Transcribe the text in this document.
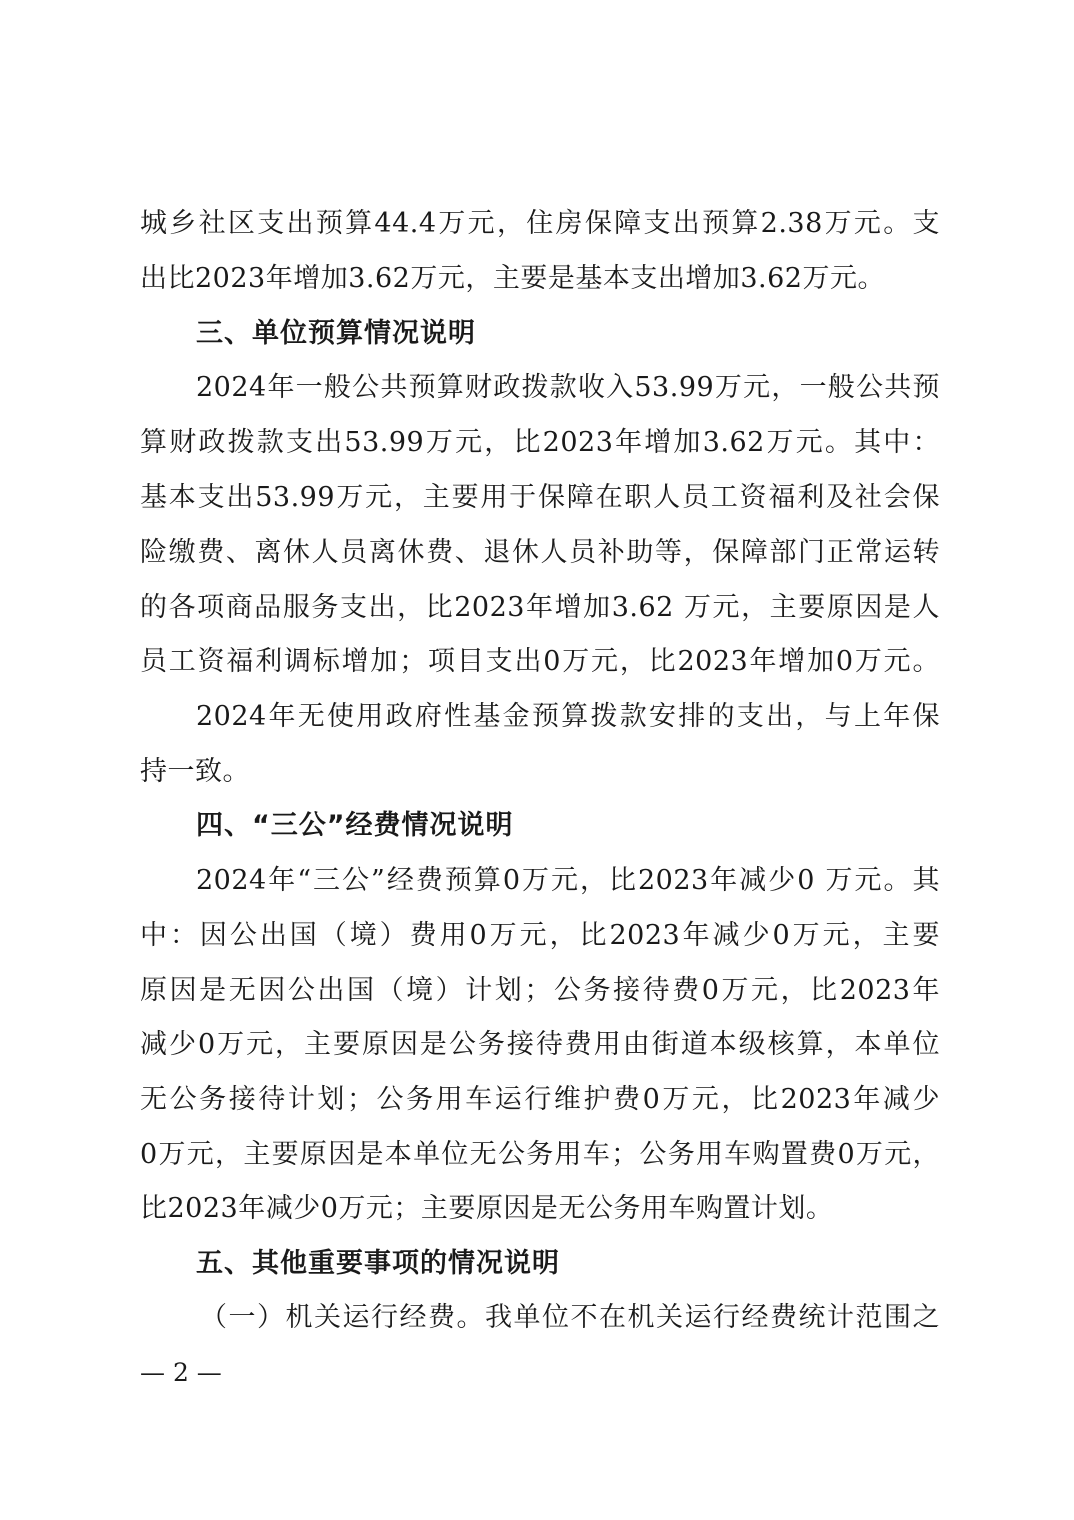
城乡社区支出预算44.4万元，住房保障支出预算2.38万元。支
出比2023年增加3.62万元，主要是基本支出增加3.62万元。
三、单位预算情况说明
2024年一般公共预算财政拨款收入53.99万元，一般公共预
算财政拨款支出53.99万元，比2023年增加3.62万元。其中：
基本支出53.99万元，主要用于保障在职人员工资福利及社会保
险缴费、离休人员离休费、退休人员补助等，保障部门正常运转
的各项商品服务支出，比2023年增加3.62 万元，主要原因是人
员工资福利调标增加；项目支出0万元，比2023年增加0万元。
2024年无使用政府性基金预算拨款安排的支出，与上年保
持一致。
四、“三公”经费情况说明
2024年“三公”经费预算0万元，比2023年减少0 万元。其
中：因公出国（境）费用0万元，比2023年减少0万元，主要
原因是无因公出国（境）计划；公务接待费0万元，比2023年
减少0万元，主要原因是公务接待费用由街道本级核算，本单位
无公务接待计划；公务用车运行维护费0万元，比2023年减少
0万元，主要原因是本单位无公务用车；公务用车购置费0万元，
比2023年减少0万元；主要原因是无公务用车购置计划。
五、其他重要事项的情况说明
（一）机关运行经费。我单位不在机关运行经费统计范围之
— 2 —
